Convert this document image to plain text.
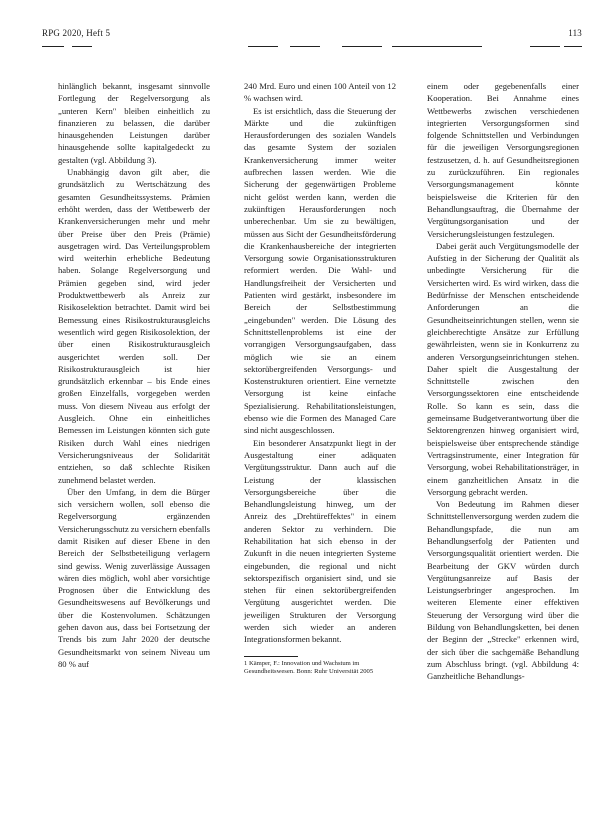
RPG 2020, Heft 5	113

hinlänglich bekannt, insgesamt sinnvolle Fortlegung der Regelversorgung als „unteren Kern" bleiben einheitlich zu finanzieren zu belassen, die darüber hinausgehenden Leistungen darüber hinausgehende sollte kapitalgedeckt zu gestalten (vgl. Abbildung 3).

Unabhängig davon gilt aber, die grundsätzlich zu Wertschätzung des gesamten Gesundheitssystems. Prämien erhöht werden, dass der Wettbewerb der Krankenversicherungen mehr und mehr über Preise über den Preis (Prämie) ausgetragen wird. Das Verteilungsproblem wird weiterhin erhebliche Bedeutung haben. Solange Regelversorgung und Prämien gegeben sind, wird jeder Produktwettbewerb als Anreiz zur Risikoselektion betrachtet. Damit wird bei Bemessung eines Risikostrukturausgleichs wesentlich wird gegen Risikosolektion, der über einen Risikostrukturausgleich ausgerichtet werden soll. Der Risikostrukturausgleich ist hier grundsätzlich erkennbar – bis Ende eines großen Einzelfalls, vorgegeben werden muss. Von diesem Niveau aus erfolgt der Ausgleich. Ohne ein einheitliches Bemessen im Leistungen könnten sich gute Risiken durch Wahl eines niedrigen Versicherungsniveaus der Solidarität entziehen, so daß schlechte Risiken zunehmend belastet werden.

Über den Umfang, in dem die Bürger sich versichern wollen, soll ebenso die Regelversorgung ergänzenden Versicherungsschutz zu versichern ebenfalls damit Risiken auf dieser Ebene in den Bereich der Selbstbeteiligung verlagern sind gewiss. Wenig zuverlässige Aussagen wären dies möglich, wohl aber vorsichtige Prognosen über die Entwicklung des Gesundheitswesens auf Bevölkerungs und über die Kostenvolumen. Schätzungen gehen davon aus, dass bei Fortsetzung der Trends bis zum Jahr 2020 der deutsche Gesundheitsmarkt von seinem Niveau um 80 % auf

240 Mrd. Euro und einen 100 Anteil von 12 % wachsen wird.

Es ist ersichtlich, dass die Steuerung der Märkte und die zukünftigen Herausforderungen des sozialen Wandels das gesamte System der sozialen Krankenversicherung immer weiter aufbrechen lassen werden. Wie die Sicherung der gegenwärtigen Probleme nicht gelöst werden kann, werden die zukünftigen Herausforderungen noch unberechenbar. Um sie zu bewältigen, müssen aus Sicht der Gesundheitsförderung die Krankenhausbereiche der integrierten Versorgung sowie Organisationsstrukturen reformiert werden. Die Wahl- und Handlungsfreiheit der Versicherten und Patienten wird gestärkt, insbesondere im Bereich der Selbstbestimmung „eingebunden" werden. Die Lösung des Schnittstellenproblems ist eine der vorrangigen Versorgungsaufgaben, dass möglich wie sie an einem sektorübergreifenden Versorgungs- und Kostenstrukturen orientiert. Eine vernetzte Versorgung ist keine einfache Spezialisierung. Rehabilitationsleistungen, ebenso wie die Formen des Managed Care sind nicht ausgeschlossen.

Ein besonderer Ansatzpunkt liegt in der Ausgestaltung einer adäquaten Vergütungsstruktur. Dann auch auf die Leistung der klassischen Versorgungsbereiche über die Behandlungsleistung hinweg, um der Anreiz des „Drehtüreffektes" in einem anderen Sektor zu verhindern. Die Rehabilitation hat sich ebenso in der Zukunft in die neuen integrierten Systeme eingebunden, die regional und nicht sektorspezifisch organisiert sind, und sie stehen für einen sektorübergreifenden Vergütung ausgerichtet werden. Die jeweiligen Strukturen der Versorgung werden sich wieder an anderen Integrationsformen bekannt.

1 Kämper, F.: Innovation und Wachstum im Gesundheitswesen. Bonn: Ruhr Universität 2005

einem oder gegebenenfalls einer Kooperation. Bei Annahme eines Wettbewerbs zwischen verschiedenen integrierten Versorgungsformen sind folgende Schnittstellen und Verbindungen für die jeweiligen Versorgungsregionen festzusetzen, d. h. auf Gesundheitsregionen zu zurückzuführen. Ein regionales Versorgungsmanagement könnte beispielsweise die Kriterien für den Behandlungsauftrag, die Übernahme der Vergütungsorganisation und der Versicherungsleistungen festzulegen.

Dabei gerät auch Vergütungsmodelle der Aufstieg in der Sicherung der Qualität als unbedingte Versicherung für die Versicherten wird. Es wird wirken, dass die Bedürfnisse der Menschen entscheidende Anforderungen an die Gesundheitseinrichtungen stellen, wenn sie gleichberechtigte Ansätze zur Erfüllung gewährleisten, wenn sie in Konkurrenz zu anderen Versorgungseinrichtungen stehen. Daher spielt die Ausgestaltung der Schnittstelle zwischen den Versorgungssektoren eine entscheidende Rolle. So kann es sein, dass die gemeinsame Budgetverantwortung über die Sektorengrenzen hinweg organisiert wird, beispielsweise über entsprechende ständige Vertragsinstrumente, einer Integration für Versorgung, wobei Rehabilitationsträger, in einem ganzheitlichen Ansatz in die Versorgung gebracht werden.

Von Bedeutung im Rahmen dieser Schnittstellenversorgung werden zudem die Behandlungspfade, die nun am Behandlungserfolg der Patienten und Versorgungsqualität orientiert werden. Die Bearbeitung der GKV würden durch Vergütungsanreize auf Basis der Leistungserbringer angesprochen. Im weiteren Elemente einer effektiven Steuerung der Versorgung wird über die Bildung von Behandlungsketten, bei denen der Beginn der „Strecke" erkennen wird, der sich über die sachgemäße Behandlung zum Abschluss bringt. (vgl. Abbildung 4: Ganzheitliche Behandlungs-
